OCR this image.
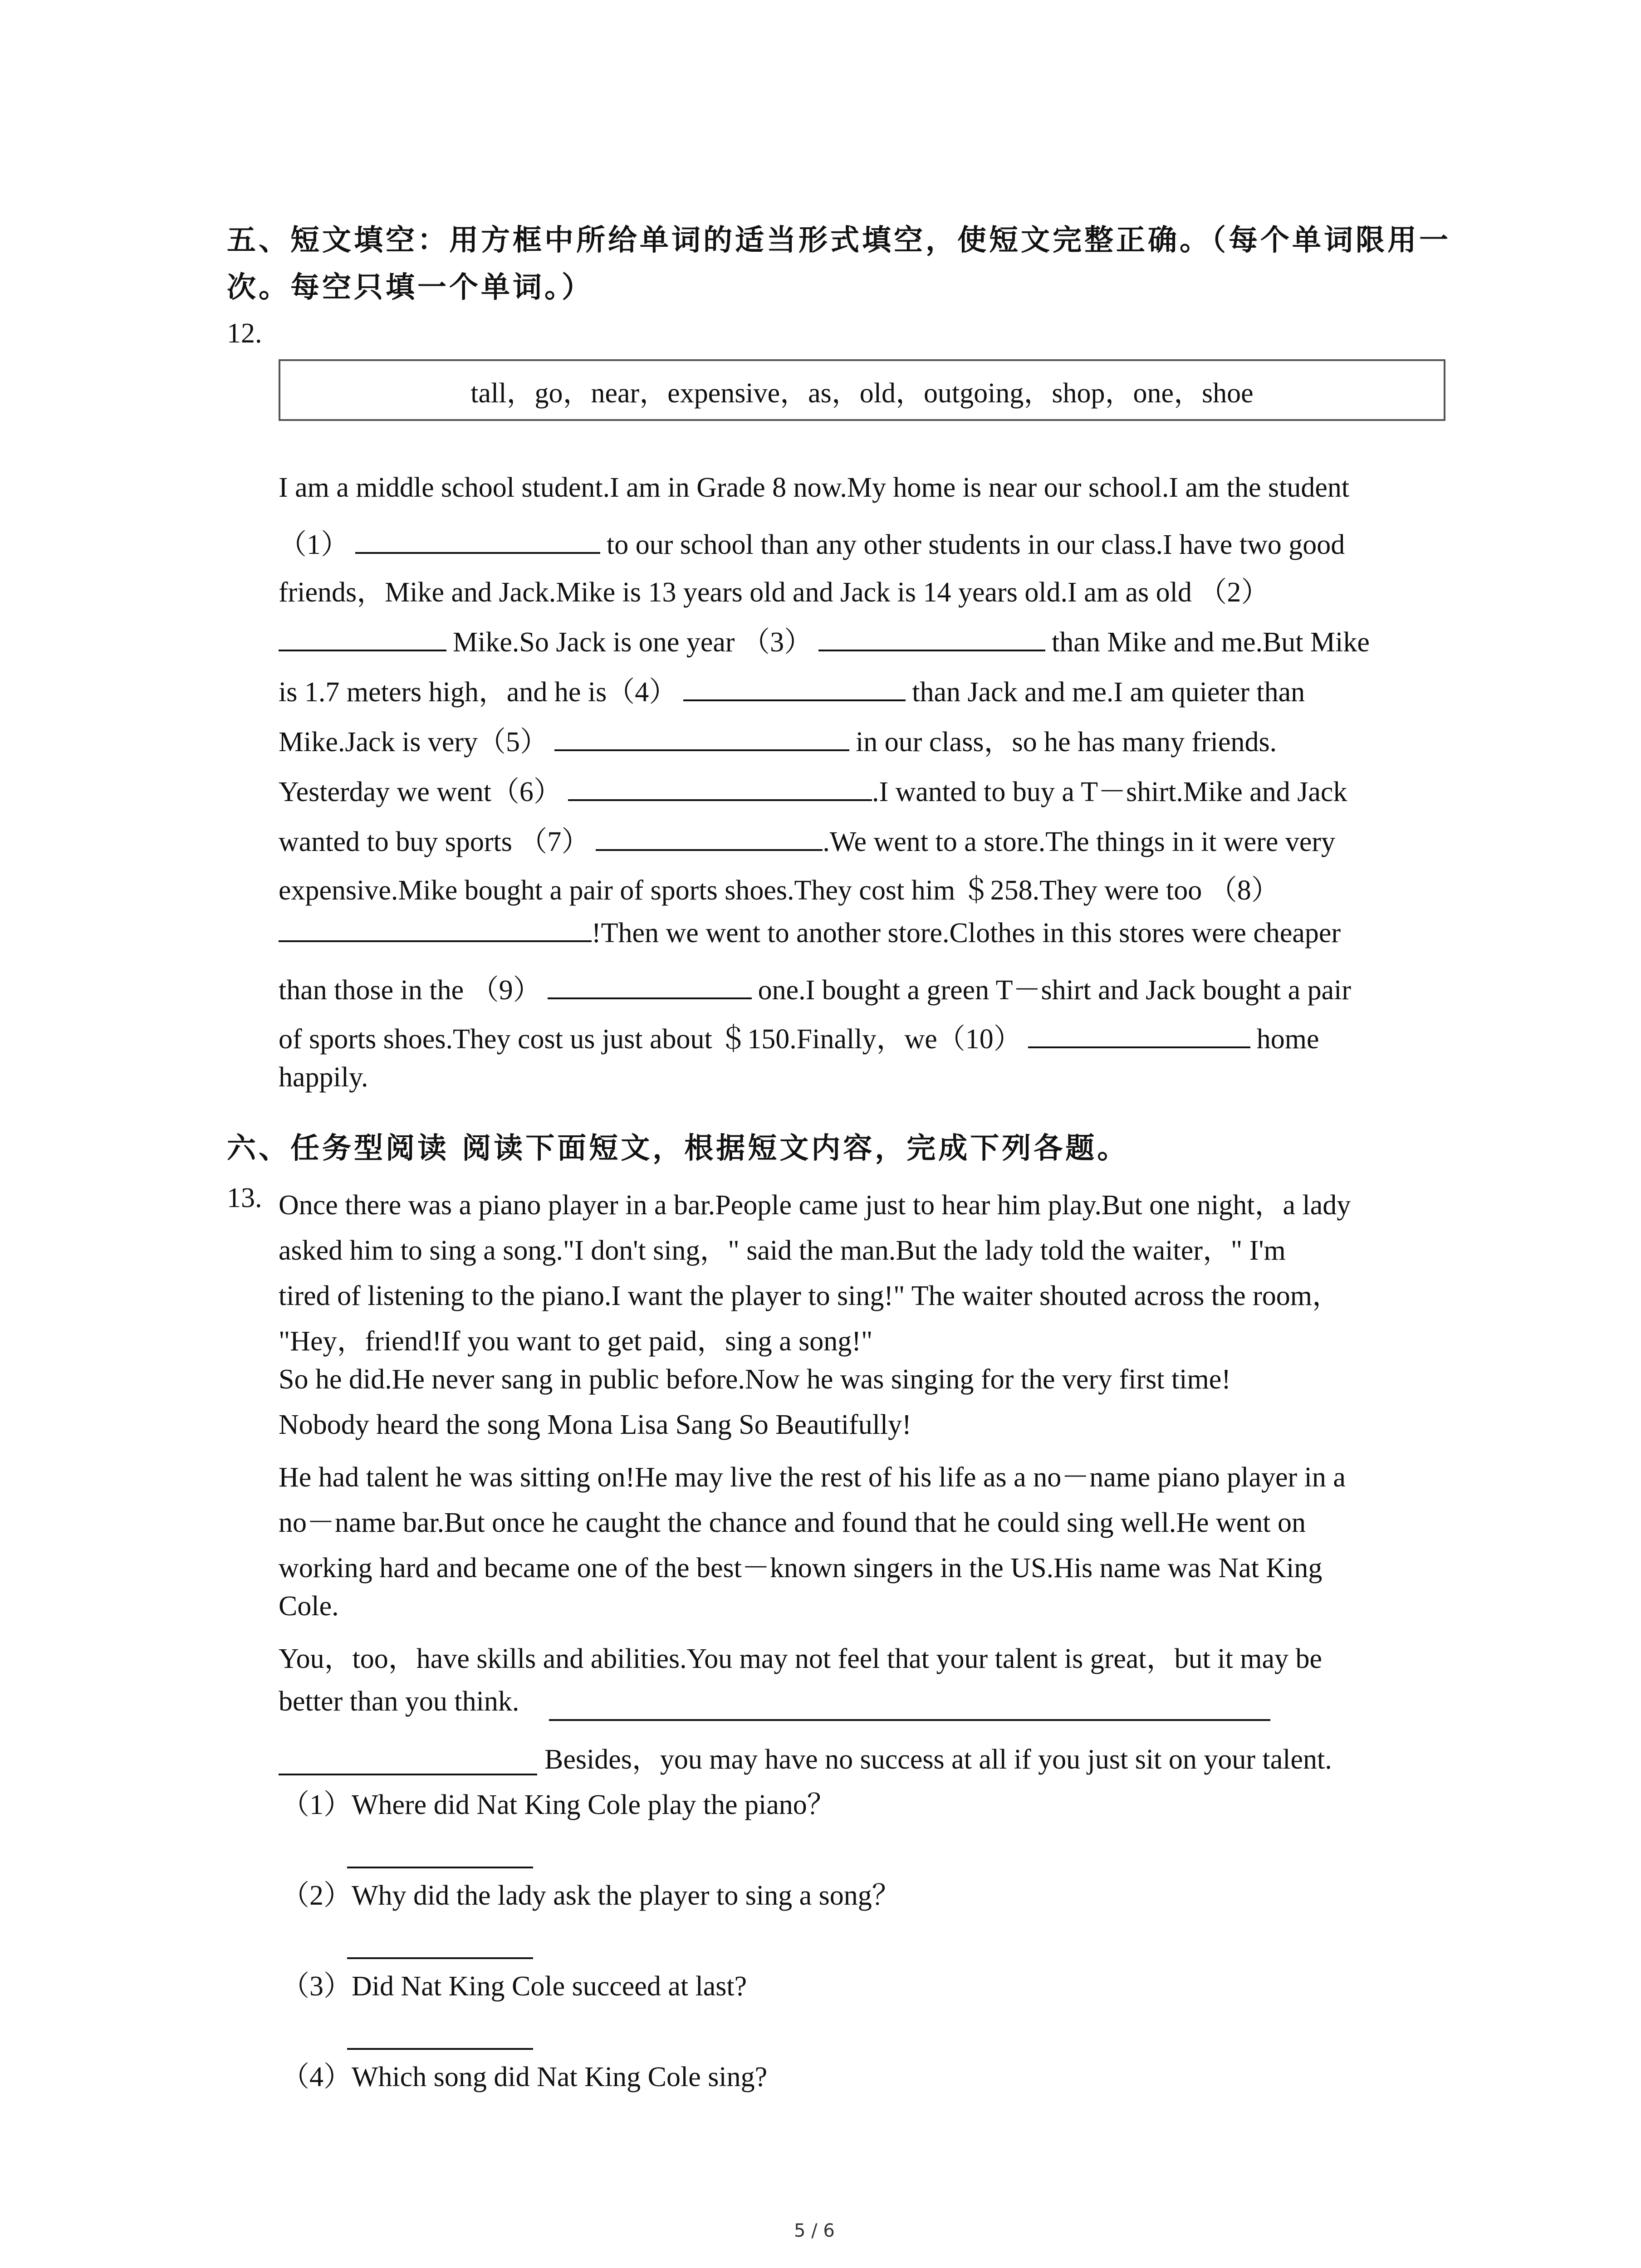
五、短文填空：用方框中所给单词的适当形式填空，使短文完整正确。（每个单词限用一
次。每空只填一个单词。）
12.
tall，go，near，expensive，as，old，outgoing，shop，one，shoe
I am a middle school student.I am in Grade 8 now.My home is near our school.I am the student
（1）	to our school than any other students in our class.I have two good
friends，Mike and Jack.Mike is 13 years old and Jack is 14 years old.I am as old （2）
Mike.So Jack is one year （3）	than Mike and me.But Mike
is 1.7 meters high，and he is（4）	than Jack and me.I am quieter than
Mike.Jack is very（5）	in our class，so he has many friends.
Yesterday we went（6）	.I wanted to buy a T－shirt.Mike and Jack
wanted to buy sports （7）	.We went to a store.The things in it were very
expensive.Mike bought a pair of sports shoes.They cost him ＄258.They were too （8）
!Then we went to another store.Clothes in this stores were cheaper
than those in the （9）	one.I bought a green T－shirt and Jack bought a pair
of sports shoes.They cost us just about ＄150.Finally，we（10）	home
happily.
六、任务型阅读 阅读下面短文，根据短文内容，完成下列各题。
13. Once there was a piano player in a bar.People came just to hear him play.But one night，a lady
asked him to sing a song."I don't sing，" said the man.But the lady told the waiter，" I'm
tired of listening to the piano.I want the player to sing!" The waiter shouted across the room，
"Hey，friend!If you want to get paid，sing a song!"
So he did.He never sang in public before.Now he was singing for the very first time!
Nobody heard the song Mona Lisa Sang So Beautifully!
He had talent he was sitting on!He may live the rest of his life as a no－name piano player in a
no－name bar.But once he caught the chance and found that he could sing well.He went on
working hard and became one of the best－known singers in the US.His name was Nat King
Cole.
You，too，have skills and abilities.You may not feel that your talent is great，but it may be
better than you think.
Besides，you may have no success at all if you just sit on your talent.
（1）Where did Nat King Cole play the piano？
（2）Why did the lady ask the player to sing a song？
（3）Did Nat King Cole succeed at last?
（4）Which song did Nat King Cole sing?
5 / 6
